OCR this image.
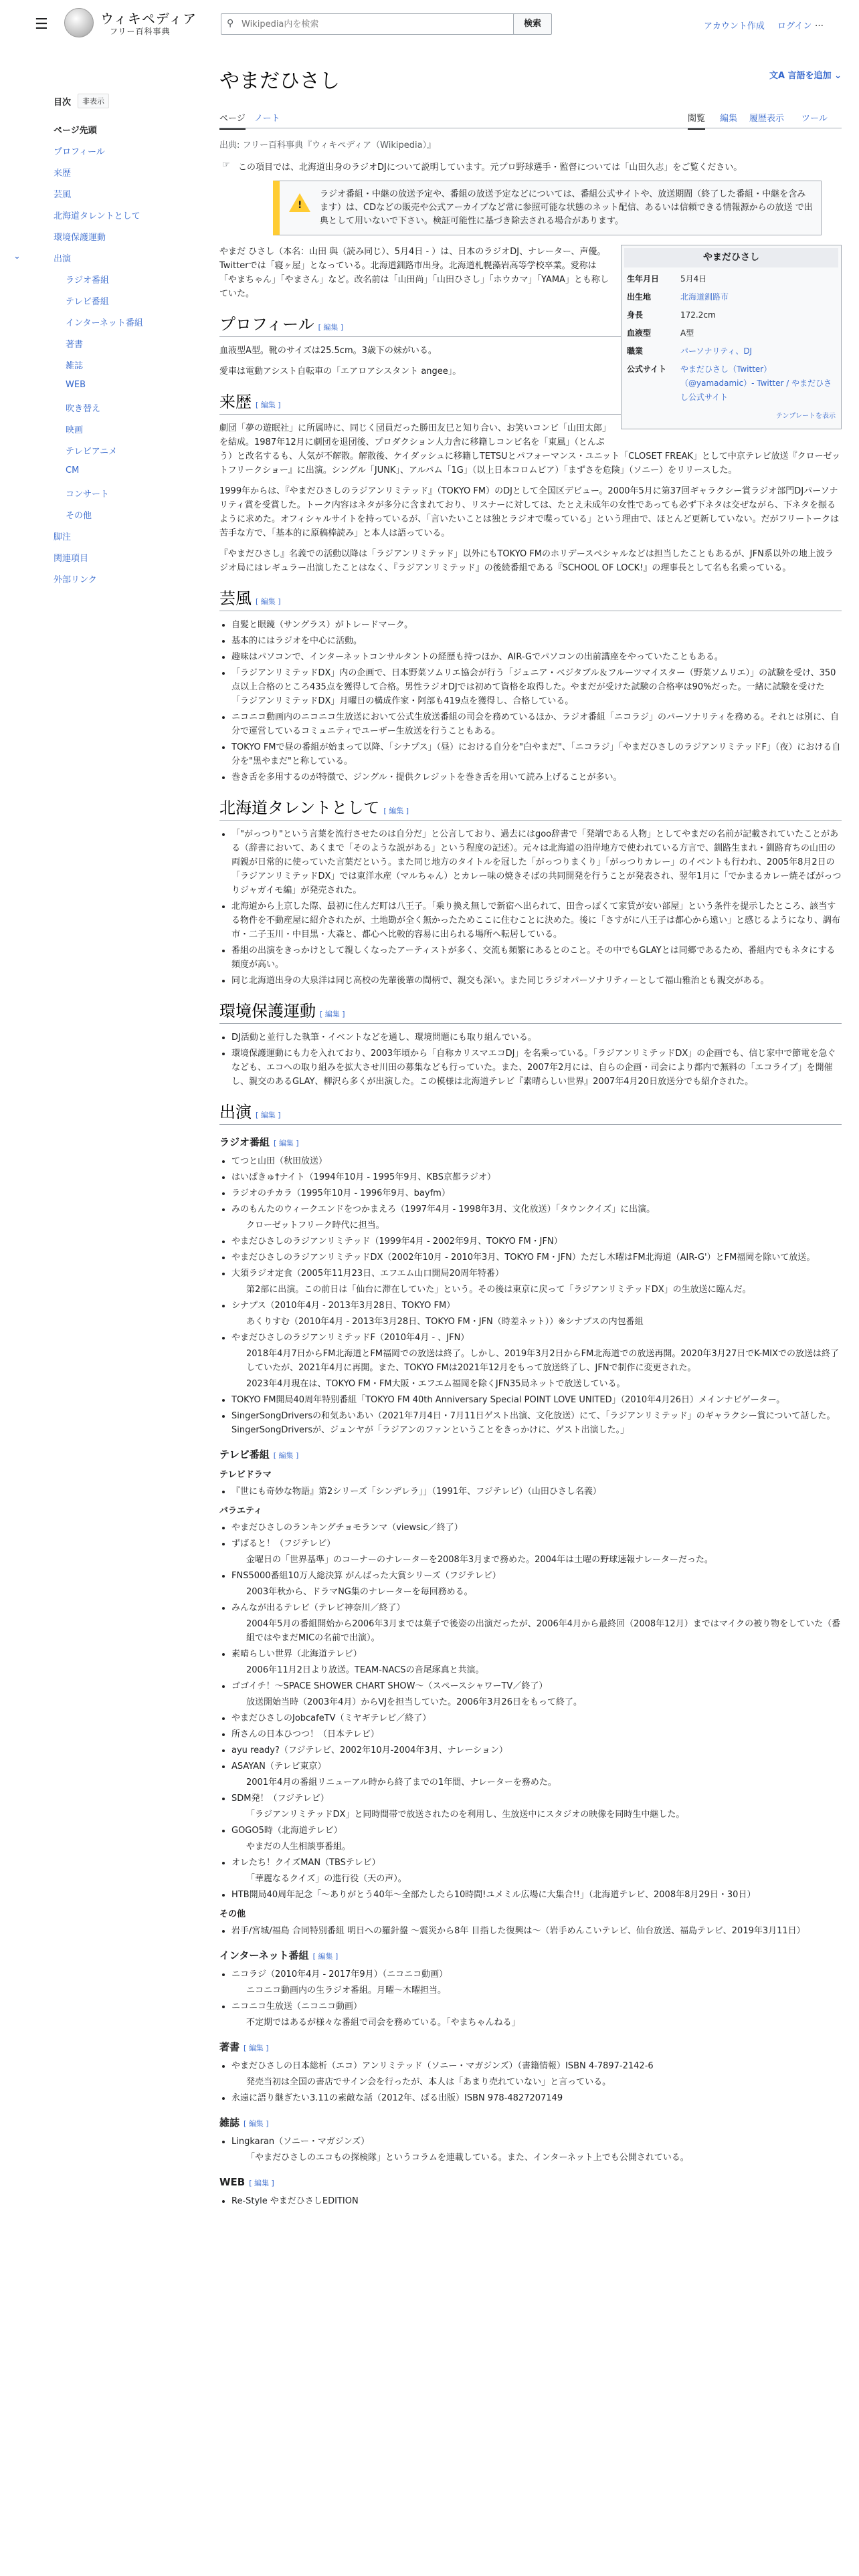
☰	ウィキペディア
フリー百科事典
⚲
Wikipedia内を検索	検索	アカウント作成 ログイン …
目次	非表示
ページ先頭
プロフィール
来歴
芸風
北海道タレントとして
環境保護運動
⌄	出演
ラジオ番組
テレビ番組
インターネット番組
著書
雑誌
WEB
吹き替え
映画
テレビアニメ
CM
コンサート
その他
脚注
関連項目
外部リンク
やまだひさし	文A 言語を追加 ⌄
ページ ノート	閲覧 編集 履歴表示 ツール
出典: フリー百科事典『ウィキペディア（Wikipedia）』
☞ この項目では、北海道出身のラジオDJについて説明しています。元プロ野球選手・監督については「山田久志」をご覧ください。
!
ラジオ番組・中継の放送予定や、番組の放送予定などについては、番組公式サイトや、放送期間（終了した番組・中継を含みます）は、CDなどの販売や公式アーカイブなど常に参照可能な状態のネット配信、あるいは信頼できる情報源からの放送 で出典として用いないで下さい。検証可能性に基づき除去される場合があります。
やまだひさし
生年月日	5月4日
出生地	北海道釧路市
身長	172.2cm
血液型	A型
職業	パーソナリティ、DJ
公式サイト	やまだひさし（Twitter）（@yamadamic）- Twitter / やまだひさし公式サイト
テンプレートを表示

やまだ ひさし（本名：山田 與（読み同じ）、5月4日 - ）は、日本のラジオDJ、ナレーター、声優。Twitterでは「寝ヶ屋」となっている。北海道釧路市出身。北海道札幌藻岩高等学校卒業。愛称は「やまちゃん」「やまさん」など。改名前は「山田尚」「山田ひさし」「ホウカマ」「YAMA」とも称していた。

プロフィール [ 編集 ]

血液型A型。靴のサイズは25.5cm。3歳下の妹がいる。

愛車は電動アシスト自転車の「エアロアシスタント angee」。

来歴 [ 編集 ]

劇団「夢の遊眠社」に所属時に、同じく団員だった勝田友巳と知り合い、お笑いコンビ「山田太郎」を結成。1987年12月に劇団を退団後、プロダクション人力舎に移籍しコンビ名を「東風」（とんぷう）と改名するも、人気が不解散。解散後、ケイダッシュに移籍しTETSUとパフォーマンス・ユニット「CLOSET FREAK」として中京テレビ放送『クローゼットフリークショー』に出演。シングル「JUNK」、アルバム「1G」（以上日本コロムビア）「まずさを危険」（ソニー）をリリースした。

1999年からは、『やまだひさしのラジアンリミテッド』（TOKYO FM）のDJとして全国区デビュー。2000年5月に第37回ギャラクシー賞ラジオ部門DJパーソナリティ賞を受賞した。トーク内容はネタが多分に含まれており、リスナーに対しては、たとえ未成年の女性であっても必ず下ネタは交ぜながら、下ネタを振るように求めた。オフィシャルサイトを持っているが、「言いたいことは独とラジオで喋っている」という理由で、ほとんど更新していない。だがフリートークは苦手な方で、「基本的に原稿棒読み」と本人は語っている。

『やまだひさし』名義での活動以降は「ラジアンリミテッド」以外にもTOKYO FMのホリデースペシャルなどは担当したこともあるが、JFN系以外の地上波ラジオ局にはレギュラー出演したことはなく、『ラジアンリミテッド』の後続番組である『SCHOOL OF LOCK!』の理事長として名も名乗っている。

芸風 [ 編集 ]
• 自髪と眼鏡（サングラス）がトレードマーク。
• 基本的にはラジオを中心に活動。
• 趣味はパソコンで、インターネットコンサルタントの経歴も持つほか、AIR-Gでパソコンの出前講座をやっていたこともある。
• 「ラジアンリミテッドDX」内の企画で、日本野菜ソムリエ協会が行う「ジュニア・ベジタブル＆フルーツマイスター（野菜ソムリエ）」の試験を受け、350点以上合格のところ435点を獲得して合格。男性ラジオDJでは初めて資格を取得した。やまだが受けた試験の合格率は90%だった。一緒に試験を受けた「ラジアンリミテッドDX」月曜日の構成作家・阿部も419点を獲得し、合格している。
• ニコニコ動画内のニコニコ生放送において公式生放送番組の司会を務めているほか、ラジオ番組「ニコラジ」のパーソナリティを務める。それとは別に、自分で運営しているコミュニティでユーザー生放送を行うこともある。
• TOKYO FMで昼の番組が始まって以降、「シナプス」（昼）における自分を"白やまだ"、「ニコラジ」「やまだひさしのラジアンリミテッドF」（夜）における自分を"黒やまだ"と称している。
• 巻き舌を多用するのが特徴で、ジングル・提供クレジットを巻き舌を用いて読み上げることが多い。
北海道タレントとして [ 編集 ]
• 「"がっつり"という言葉を流行させたのは自分だ」と公言しており、過去にはgoo辞書で「発端である人物」としてやまだの名前が記載されていたことがある（辞書において、あくまで「そのような説がある」という程度の記述）。元々は北海道の沿岸地方で使われている方言で、釧路生まれ・釧路育ちの山田の両親が日常的に使っていた言葉だという。また同じ地方のタイトルを冠した「がっつりまくり」「がっつりカレー」のイベントも行われ、2005年8月2日の「ラジアンリミテッドDX」では東洋水産（マルちゃん）とカレー味の焼きそばの共同開発を行うことが発表され、翌年1月に「でかまるカレー焼そばがっつりジャガイモ編」が発売された。
• 北海道から上京した際、最初に住んだ町は八王子。「乗り換え無しで新宿へ出られて、田舎っぽくて家賃が安い部屋」という条件を提示したところ、該当する物件を不動産屋に紹介されたが、土地勘が全く無かったためここに住むことに決めた。後に「さすがに八王子は都心から遠い」と感じるようになり、調布市・二子玉川・中目黒・大森と、都心へ比較的容易に出られる場所へ転居している。
• 番組の出演をきっかけとして親しくなったアーティストが多く、交流も頻繁にあるとのこと。その中でもGLAYとは同郷であるため、番組内でもネタにする頻度が高い。
• 同じ北海道出身の大泉洋は同じ高校の先輩後輩の間柄で、親交も深い。また同じラジオパーソナリティーとして福山雅治とも親交がある。
環境保護運動 [ 編集 ]
• DJ活動と並行した執筆・イベントなどを通し、環境問題にも取り組んでいる。
• 環境保護運動にも力を入れており、2003年頃から「自称カリスマエコDJ」を名乗っている。「ラジアンリミテッドDX」の企画でも、信じ家中で節電を急ぐなども、エコへの取り組みを拡大させ川田の募集なども行っていた。また、2007年2月には、自らの企画・司会により都内で無料の「エコライブ」を開催し、親交のあるGLAY、柳沢ら多くが出演した。この模様は北海道テレビ『素晴らしい世界』2007年4月20日放送分でも紹介された。
出演 [ 編集 ]
ラジオ番組 [ 編集 ]
• てつと山田（秋田放送）
• はいぱきゅ†ナイト（1994年10月 - 1995年9月、KBS京都ラジオ）
• ラジオのチカラ（1995年10月 - 1996年9月、bayfm）
• みのもんたのウィークエンドをつかまえろ（1997年4月 - 1998年3月、文化放送）「タウンクイズ」に出演。
クローゼットフリーク時代に担当。
• やまだひさしのラジアンリミテッド（1999年4月 - 2002年9月、TOKYO FM・JFN）
• やまだひさしのラジアンリミテッドDX（2002年10月 - 2010年3月、TOKYO FM・JFN）ただし木曜はFM北海道（AIR-G'）とFM福岡を除いて放送。
• 大須ラジオ定食（2005年11月23日、エフエム山口開局20周年特番）
第2部に出演。この前日は「仙台に滞在していた」という。その後は東京に戻って「ラジアンリミテッドDX」の生放送に臨んだ。
• シナプス（2010年4月 - 2013年3月28日、TOKYO FM）
あくりすむ（2010年4月 - 2013年3月28日、TOKYO FM・JFN（時差ネット））※シナプスの内包番組
• やまだひさしのラジアンリミテッドF（2010年4月 - 、JFN）
2018年4月7日からFM北海道とFM福岡での放送は終了。しかし、2019年3月2日からFM北海道での放送再開。2020年3月27日でK-MIXでの放送は終了していたが、2021年4月に再開。また、TOKYO FMは2021年12月をもって放送終了し、JFNで制作に変更された。
2023年4月現在は、TOKYO FM・FM大阪・エフエム福岡を除くJFN35局ネットで放送している。
• TOKYO FM開局40周年特別番組「TOKYO FM 40th Anniversary Special POINT LOVE UNITED」（2010年4月26日）メインナビゲーター。
• SingerSongDriversの和気あいあい（2021年7月4日・7月11日ゲスト出演、文化放送）にて、「ラジアンリミテッド」のギャラクシー賞について話した。SingerSongDriversが、ジュンヤが「ラジアンのファンということをきっかけに、ゲスト出演した。」
テレビ番組 [ 編集 ]
テレビドラマ
• 『世にも奇妙な物語』第2シリーズ「シンデレラ」」（1991年、フジテレビ）（山田ひさし名義）
バラエティ
• やまだひさしのランキングチョモランマ（viewsic／終了）
• ずばると！（フジテレビ）
金曜日の「世界基準」のコーナーのナレーターを2008年3月まで務めた。2004年は土曜の野球速報ナレーターだった。
• FNS5000番組10万人総決算 がんばった大賞シリーズ（フジテレビ）
2003年秋から、ドラマNG集のナレーターを毎回務める。
• みんなが出るテレビ（テレビ神奈川／終了）
2004年5月の番組開始から2006年3月までは菓子で後姿の出演だったが、2006年4月から最終回（2008年12月）まではマイクの被り物をしていた（番組ではやまだMICの名前で出演）。
• 素晴らしい世界（北海道テレビ）
2006年11月2日より放送。TEAM-NACSの音尾琢真と共演。
• ゴゴイチ！〜SPACE SHOWER CHART SHOW〜（スペースシャワーTV／終了）
放送開始当時（2003年4月）からVJを担当していた。2006年3月26日をもって終了。
• やまだひさしのJobcafeTV（ミヤギテレビ／終了）
• 所さんの日本ひつつ！（日本テレビ）
• ayu ready?（フジテレビ、2002年10月-2004年3月、ナレーション）
• ASAYAN（テレビ東京）
2001年4月の番組リニューアル時から終了までの1年間、ナレーターを務めた。
• SDM発！（フジテレビ）
「ラジアンリミテッドDX」と同時間帯で放送されたのを利用し、生放送中にスタジオの映像を同時生中継した。
• GOGO5時（北海道テレビ）
やまだの人生相談事番組。
• オレたち！クイズMAN（TBSテレビ）
「華麗なるクイズ」の進行役（天の声）。
• HTB開局40周年記念「〜ありがとう40年〜全部たしたら10時間!ユメミル広場に大集合!!」（北海道テレビ、2008年8月29日・30日）
その他
• 岩手/宮城/福島 合同特別番組 明日への羅針盤 〜震災から8年 目指した復興は〜（岩手めんこいテレビ、仙台放送、福島テレビ、2019年3月11日）
インターネット番組 [ 編集 ]
• ニコラジ（2010年4月 - 2017年9月）（ニコニコ動画）
ニコニコ動画内の生ラジオ番組。月曜〜木曜担当。
• ニコニコ生放送（ニコニコ動画）
不定期ではあるが様々な番組で司会を務めている。「やまちゃんねる」
著書 [ 編集 ]
• やまだひさしの日本総析（エコ）アンリミテッド（ソニー・マガジンズ）（書籍情報）ISBN 4-7897-2142-6
発売当初は全国の書店でサイン会を行ったが、本人は「あまり売れていない」と言っている。
• 永遠に語り継ぎたい3.11の素敵な話（2012年、ぱる出版）ISBN 978-4827207149
雑誌 [ 編集 ]
• Lingkaran（ソニー・マガジンズ）
「やまだひさしのエコもの探検隊」というコラムを連載している。また、インターネット上でも公開されている。
WEB [ 編集 ]
• Re-Style やまだひさしEDITION
